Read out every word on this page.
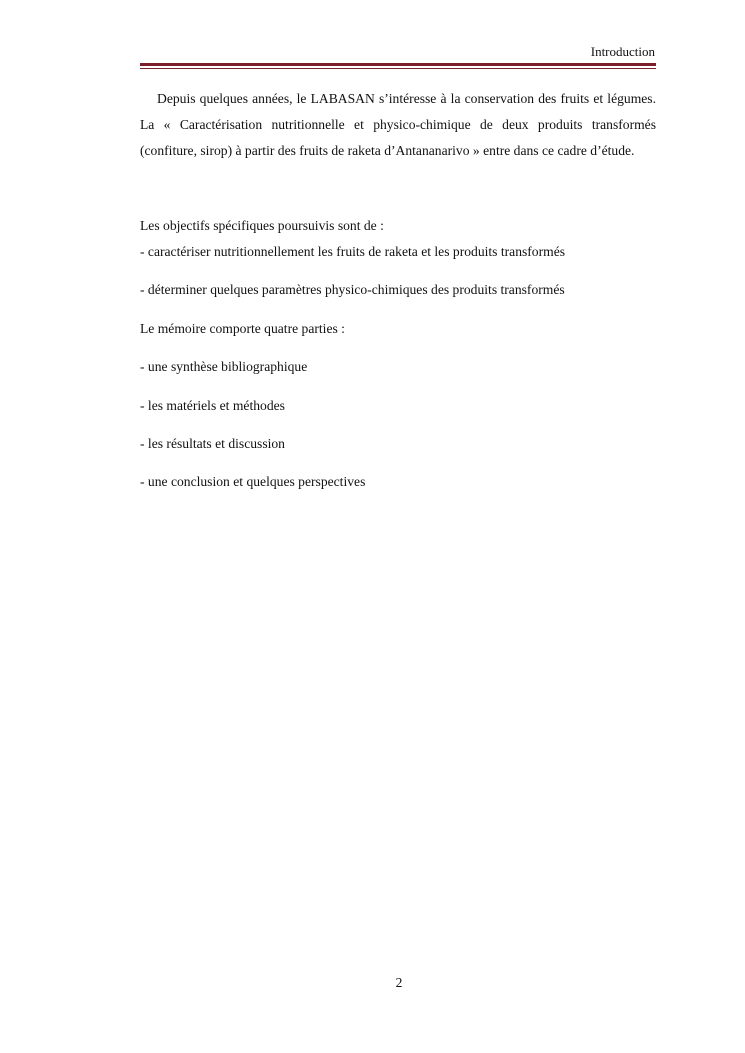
Introduction

Depuis quelques années, le LABASAN s’intéresse à la conservation des fruits et légumes. La « Caractérisation nutritionnelle et physico-chimique de deux produits transformés (confiture, sirop) à partir des fruits de raketa d’Antananarivo » entre dans ce cadre d’étude.

Les objectifs spécifiques poursuivis sont de :

- caractériser nutritionnellement les fruits de raketa et les produits transformés

- déterminer quelques paramètres physico-chimiques des produits transformés

Le mémoire comporte quatre parties :

- une synthèse bibliographique

- les matériels et méthodes

- les résultats et discussion

- une conclusion et quelques perspectives

2
